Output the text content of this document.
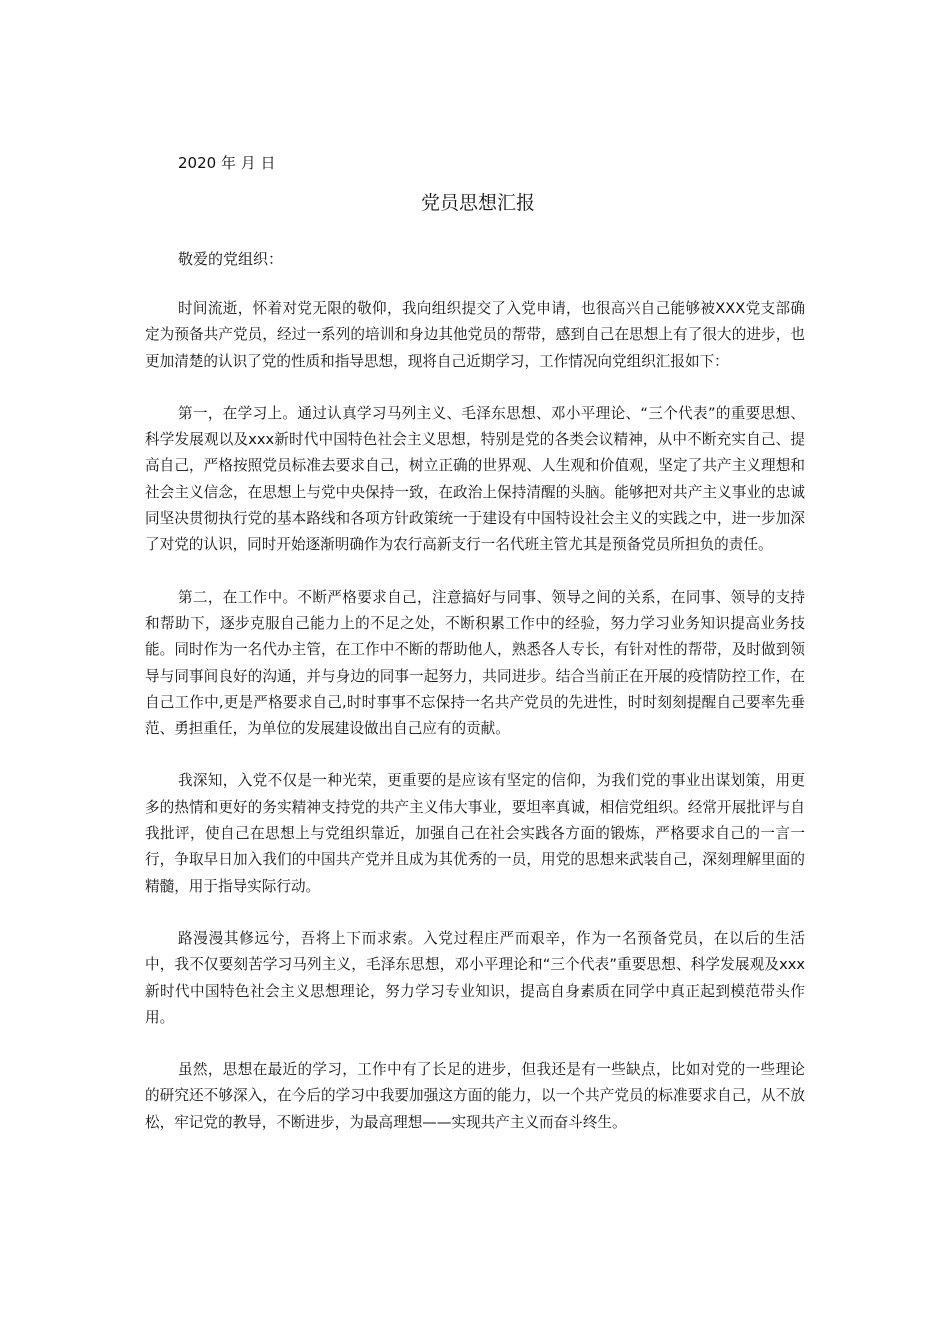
2020 年 月 日
党员思想汇报
敬爱的党组织：

时间流逝，怀着对党无限的敬仰，我向组织提交了入党申请，也很高兴自己能够被XXX党支部确定为预备共产党员，经过一系列的培训和身边其他党员的帮带，感到自己在思想上有了很大的进步，也更加清楚的认识了党的性质和指导思想，现将自己近期学习，工作情况向党组织汇报如下：

第一，在学习上。通过认真学习马列主义、毛泽东思想、邓小平理论、“三个代表”的重要思想、科学发展观以及xxx新时代中国特色社会主义思想，特别是党的各类会议精神，从中不断充实自己、提高自己，严格按照党员标准去要求自己，树立正确的世界观、人生观和价值观，坚定了共产主义理想和社会主义信念，在思想上与党中央保持一致，在政治上保持清醒的头脑。能够把对共产主义事业的忠诚同坚决贯彻执行党的基本路线和各项方针政策统一于建设有中国特设社会主义的实践之中，进一步加深了对党的认识，同时开始逐渐明确作为农行高新支行一名代班主管尤其是预备党员所担负的责任。

第二，在工作中。不断严格要求自己，注意搞好与同事、领导之间的关系，在同事、领导的支持和帮助下，逐步克服自己能力上的不足之处，不断积累工作中的经验，努力学习业务知识提高业务技能。同时作为一名代办主管，在工作中不断的帮助他人，熟悉各人专长，有针对性的帮带，及时做到领导与同事间良好的沟通，并与身边的同事一起努力，共同进步。结合当前正在开展的疫情防控工作，在自己工作中,更是严格要求自己,时时事事不忘保持一名共产党员的先进性，时时刻刻提醒自己要率先垂范、勇担重任，为单位的发展建设做出自己应有的贡献。

我深知，入党不仅是一种光荣，更重要的是应该有坚定的信仰，为我们党的事业出谋划策，用更多的热情和更好的务实精神支持党的共产主义伟大事业，要坦率真诚，相信党组织。经常开展批评与自我批评，使自己在思想上与党组织靠近，加强自己在社会实践各方面的锻炼，严格要求自己的一言一行，争取早日加入我们的中国共产党并且成为其优秀的一员，用党的思想来武装自己，深刻理解里面的精髓，用于指导实际行动。

路漫漫其修远兮，吾将上下而求索。入党过程庄严而艰辛，作为一名预备党员，在以后的生活中，我不仅要刻苦学习马列主义，毛泽东思想，邓小平理论和“三个代表”重要思想、科学发展观及xxx新时代中国特色社会主义思想理论，努力学习专业知识，提高自身素质在同学中真正起到模范带头作用。

虽然，思想在最近的学习，工作中有了长足的进步，但我还是有一些缺点，比如对党的一些理论的研究还不够深入，在今后的学习中我要加强这方面的能力，以一个共产党员的标准要求自己，从不放松，牢记党的教导，不断进步，为最高理想——实现共产主义而奋斗终生。
